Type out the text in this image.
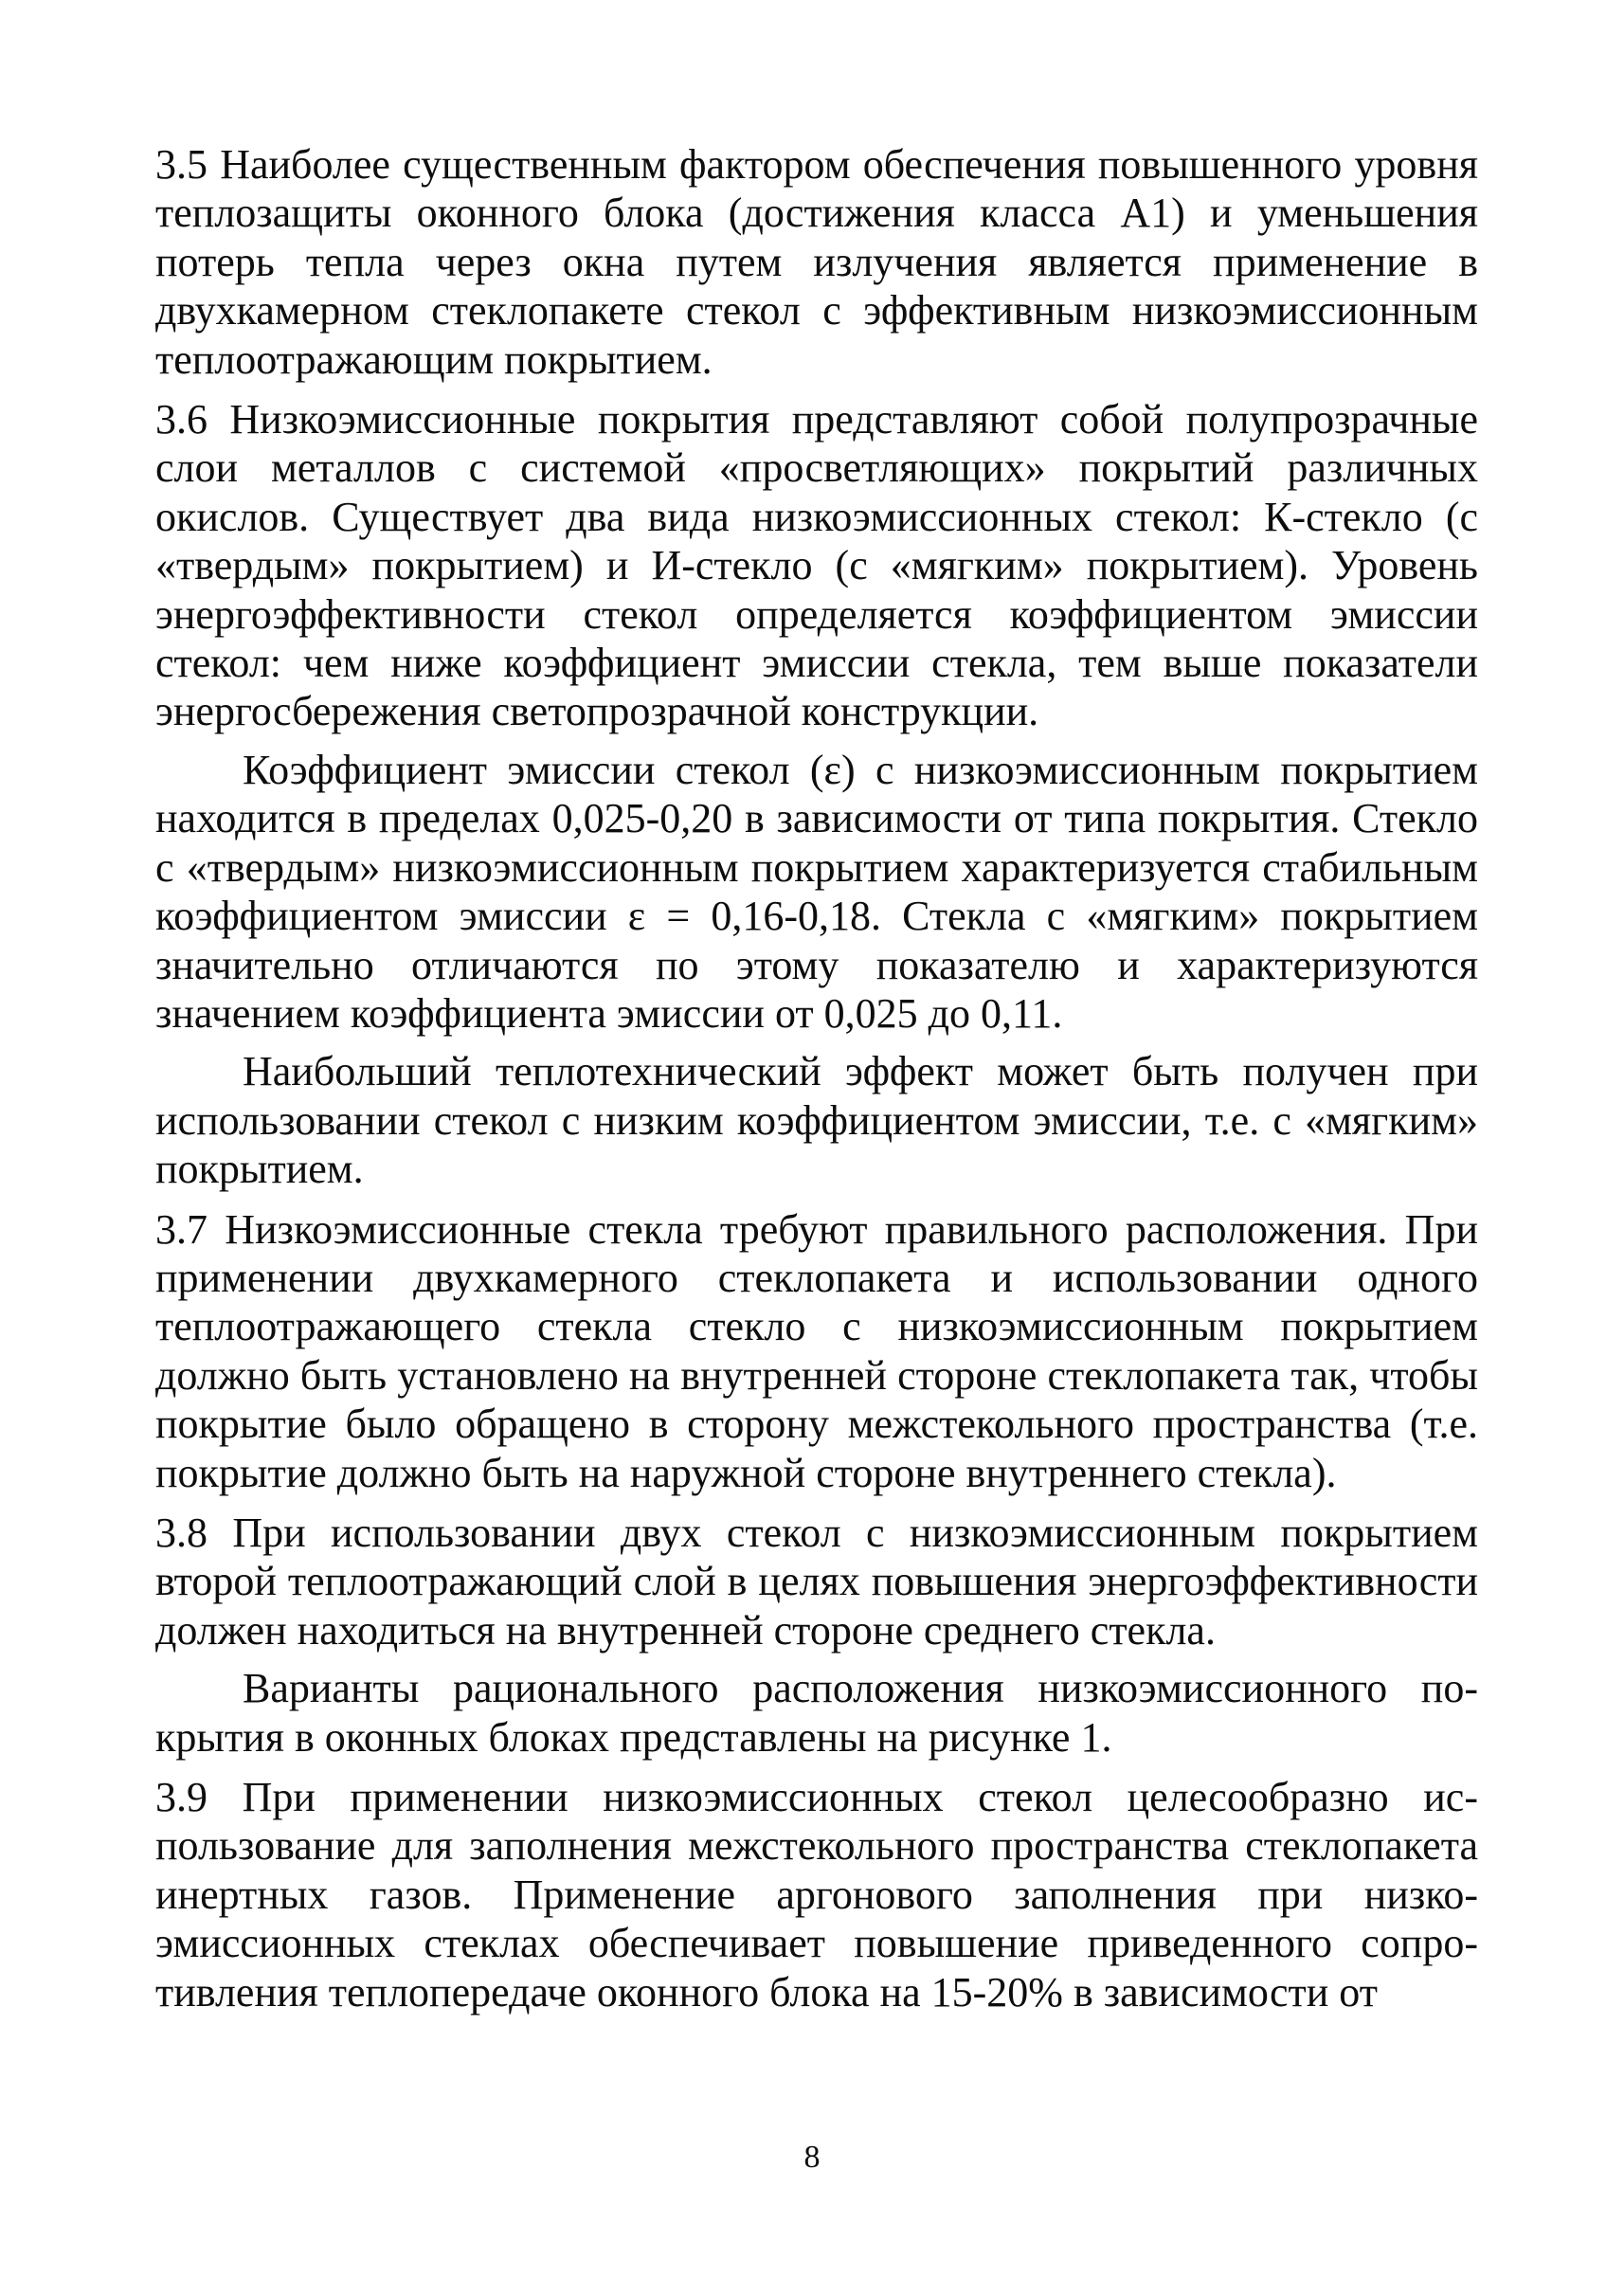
3.5 Наиболее существенным фактором обеспечения повышенного уровня теплозащиты оконного блока (достижения класса А1) и уменьшения потерь тепла через окна путем излучения является применение в двухкамерном стеклопакете стекол с эффективным низкоэмиссионным теплоотражающим покрытием.

3.6 Низкоэмиссионные покрытия представляют собой полупрозрачные слои металлов с системой «просветляющих» покрытий различных окислов. Существует два вида низкоэмиссионных стекол: К-стекло (с «твердым» покрытием) и И-стекло (с «мягким» покрытием). Уровень энергоэффективности стекол определяется коэффициентом эмиссии стекол: чем ниже коэффициент эмиссии стекла, тем выше показатели энергосбережения светопрозрачной конструкции.

Коэффициент эмиссии стекол (ε) с низкоэмиссионным покрытием находится в пределах 0,025-0,20 в зависимости от типа покрытия. Стекло с «твердым» низкоэмиссионным покрытием характеризуется стабильным коэффициентом эмиссии ε = 0,16-0,18. Стекла с «мягким» покрытием значительно отличаются по этому показателю и характеризуются значением коэффициента эмиссии от 0,025 до 0,11.

Наибольший теплотехнический эффект может быть получен при использовании стекол с низким коэффициентом эмиссии, т.е. с «мягким» покрытием.

3.7 Низкоэмиссионные стекла требуют правильного расположения. При применении двухкамерного стеклопакета и использовании одного теплоотражающего стекла стекло с низкоэмиссионным покрытием должно быть установлено на внутренней стороне стеклопакета так, чтобы покрытие было обращено в сторону межстекольного пространства (т.е. покрытие должно быть на наружной стороне внутреннего стекла).

3.8 При использовании двух стекол с низкоэмиссионным покрытием второй теплоотражающий слой в целях повышения энергоэффективности должен находиться на внутренней стороне среднего стекла.

Варианты рационального расположения низкоэмиссионного покрытия в оконных блоках представлены на рисунке 1.

3.9 При применении низкоэмиссионных стекол целесообразно использование для заполнения межстекольного пространства стеклопакета инертных газов. Применение аргонового заполнения при низкоэмиссионных стеклах обеспечивает повышение приведенного сопротивления теплопередаче оконного блока на 15-20% в зависимости от

8
